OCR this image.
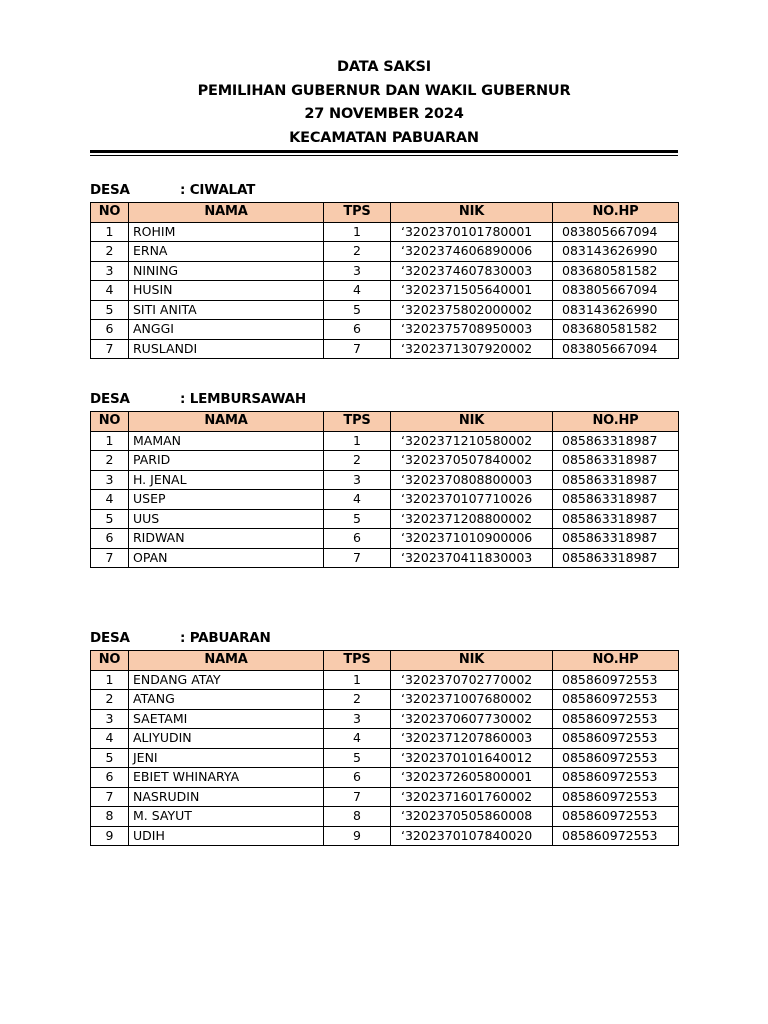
DATA SAKSI
PEMILIHAN GUBERNUR DAN WAKIL GUBERNUR
27 NOVEMBER 2024
KECAMATAN PABUARAN
DESA	: CIWALAT
NO	NAMA	TPS	NIK	NO.HP
1	ROHIM	1	‘3202370101780001	083805667094
2	ERNA	2	‘3202374606890006	083143626990
3	NINING	3	‘3202374607830003	083680581582
4	HUSIN	4	‘3202371505640001	083805667094
5	SITI ANITA	5	‘3202375802000002	083143626990
6	ANGGI	6	‘3202375708950003	083680581582
7	RUSLANDI	7	‘3202371307920002	083805667094
DESA	: LEMBURSAWAH
NO	NAMA	TPS	NIK	NO.HP
1	MAMAN	1	‘3202371210580002	085863318987
2	PARID	2	‘3202370507840002	085863318987
3	H. JENAL	3	‘3202370808800003	085863318987
4	USEP	4	‘3202370107710026	085863318987
5	UUS	5	‘3202371208800002	085863318987
6	RIDWAN	6	‘3202371010900006	085863318987
7	OPAN	7	‘3202370411830003	085863318987
DESA	: PABUARAN
NO	NAMA	TPS	NIK	NO.HP
1	ENDANG ATAY	1	‘3202370702770002	085860972553
2	ATANG	2	‘3202371007680002	085860972553
3	SAETAMI	3	‘3202370607730002	085860972553
4	ALIYUDIN	4	‘3202371207860003	085860972553
5	JENI	5	‘3202370101640012	085860972553
6	EBIET WHINARYA	6	‘3202372605800001	085860972553
7	NASRUDIN	7	‘3202371601760002	085860972553
8	M. SAYUT	8	‘3202370505860008	085860972553
9	UDIH	9	‘3202370107840020	085860972553
